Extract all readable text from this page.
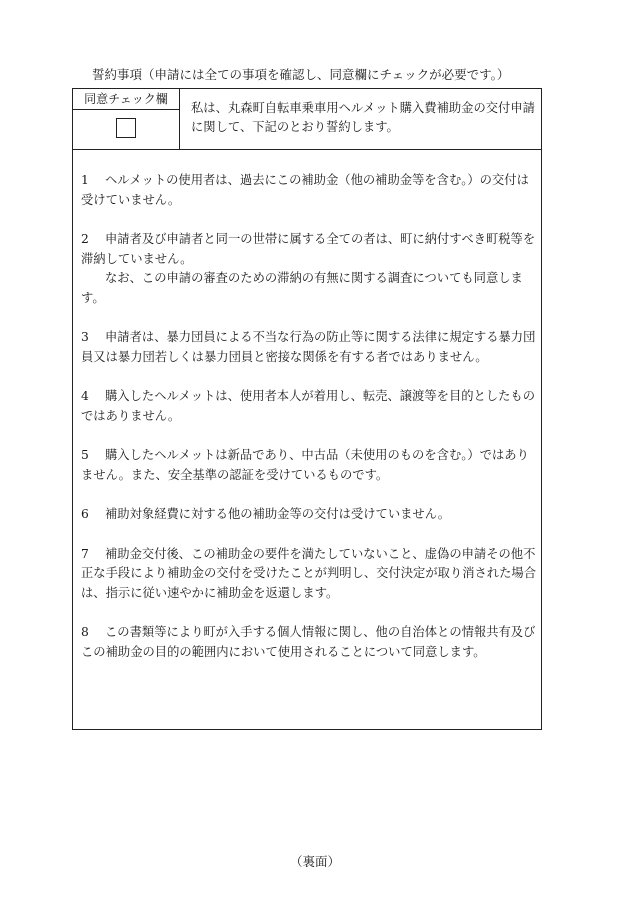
誓約事項（申請には全ての事項を確認し、同意欄にチェックが必要です。）
同意チェック欄
私は、丸森町自転車乗車用ヘルメット購入費補助金の交付申請に関して、下記のとおり誓約します。

1 ヘルメットの使用者は、過去にこの補助金（他の補助金等を含む。）の交付は受けていません。

2 申請者及び申請者と同一の世帯に属する全ての者は、町に納付すべき町税等を滞納していません。

なお、この申請の審査のための滞納の有無に関する調査についても同意します。

3 申請者は、暴力団員による不当な行為の防止等に関する法律に規定する暴力団員又は暴力団若しくは暴力団員と密接な関係を有する者ではありません。

4 購入したヘルメットは、使用者本人が着用し、転売、譲渡等を目的としたものではありません。

5 購入したヘルメットは新品であり、中古品（未使用のものを含む。）ではありません。また、安全基準の認証を受けているものです。

6 補助対象経費に対する他の補助金等の交付は受けていません。

7 補助金交付後、この補助金の要件を満たしていないこと、虚偽の申請その他不正な手段により補助金の交付を受けたことが判明し、交付決定が取り消された場合は、指示に従い速やかに補助金を返還します。

8 この書類等により町が入手する個人情報に関し、他の自治体との情報共有及びこの補助金の目的の範囲内において使用されることについて同意します。

（裏面）
